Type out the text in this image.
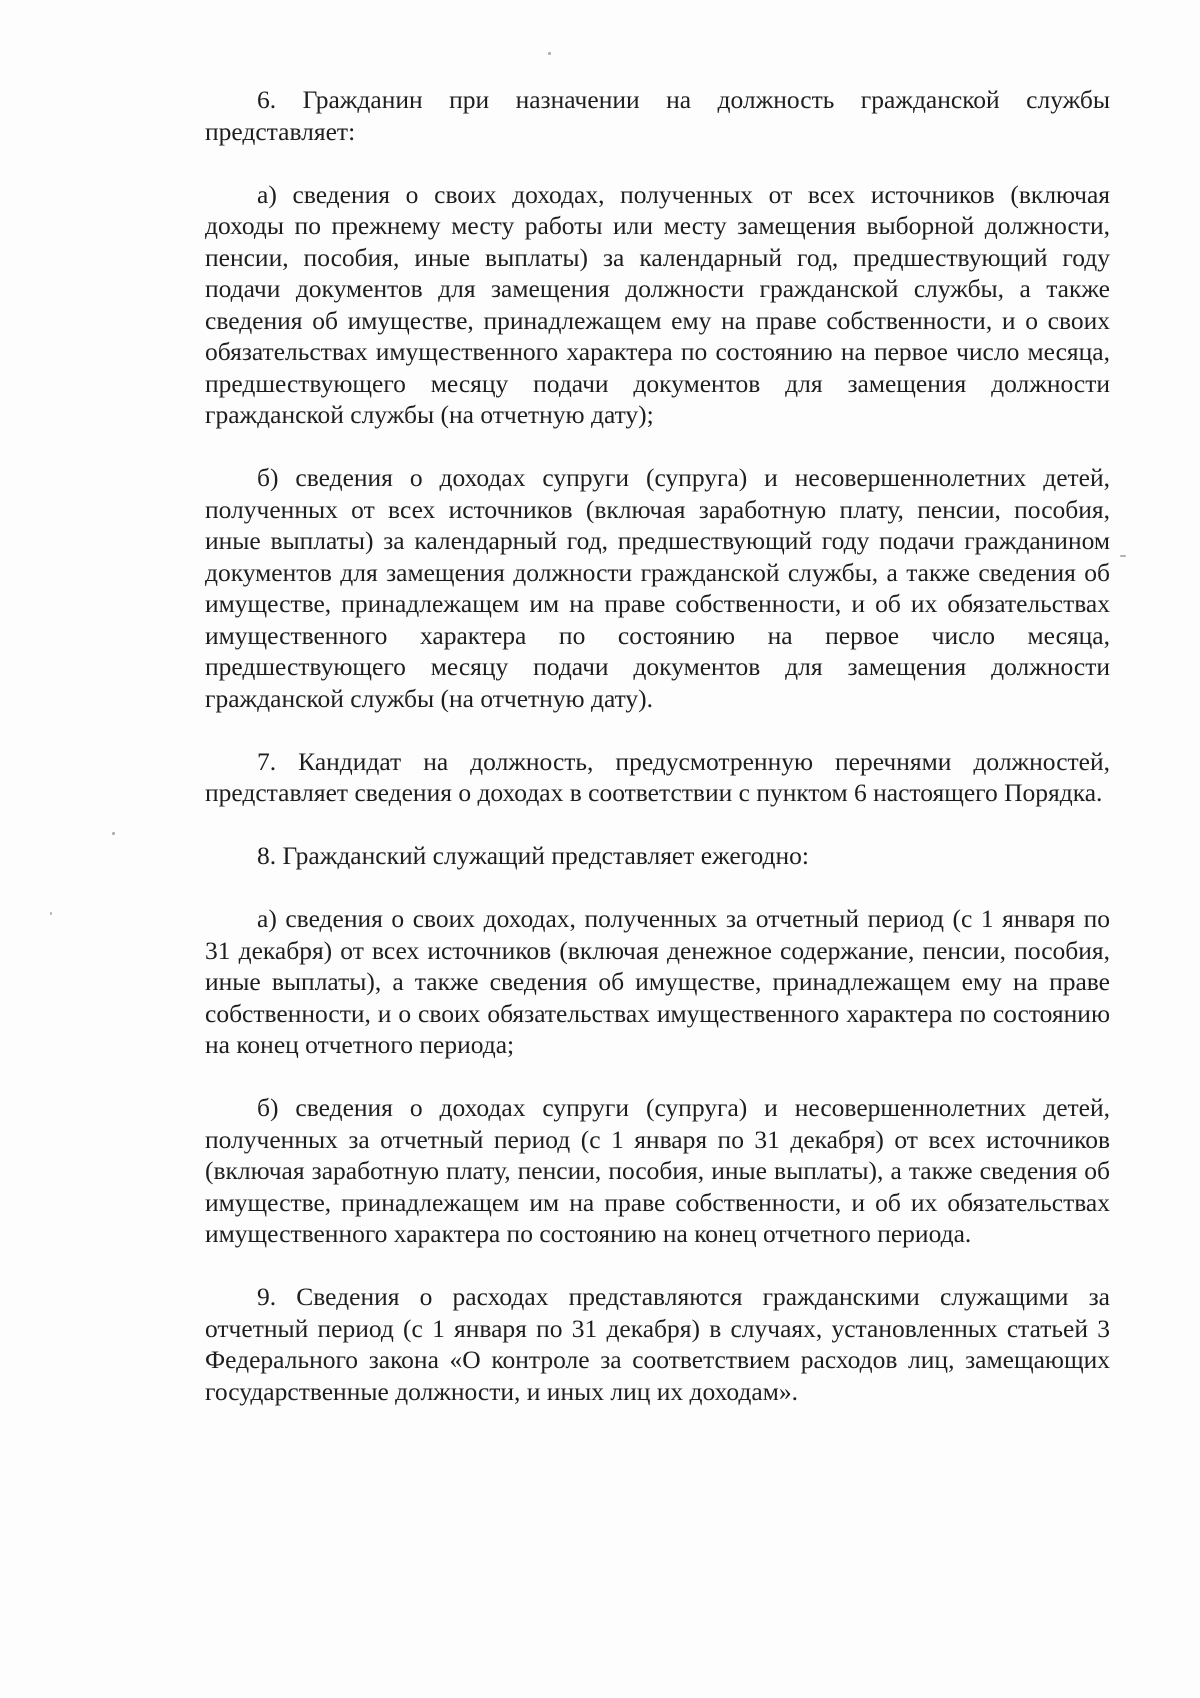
6. Гражданин при назначении на должность гражданской службы представляет:

а) сведения о своих доходах, полученных от всех источников (включая доходы по прежнему месту работы или месту замещения выборной должности, пенсии, пособия, иные выплаты) за календарный год, предшествующий году подачи документов для замещения должности гражданской службы, а также сведения об имуществе, принадлежащем ему на праве собственности, и о своих обязательствах имущественного характера по состоянию на первое число месяца, предшествующего месяцу подачи документов для замещения должности гражданской службы (на отчетную дату);

б) сведения о доходах супруги (супруга) и несовершеннолетних детей, полученных от всех источников (включая заработную плату, пенсии, пособия, иные выплаты) за календарный год, предшествующий году подачи гражданином документов для замещения должности гражданской службы, а также сведения об имуществе, принадлежащем им на праве собственности, и об их обязательствах имущественного характера по состоянию на первое число месяца, предшествующего месяцу подачи документов для замещения должности гражданской службы (на отчетную дату).

7. Кандидат на должность, предусмотренную перечнями должностей, представляет сведения о доходах в соответствии с пунктом 6 настоящего Порядка.

8. Гражданский служащий представляет ежегодно:

а) сведения о своих доходах, полученных за отчетный период (с 1 января по 31 декабря) от всех источников (включая денежное содержание, пенсии, пособия, иные выплаты), а также сведения об имуществе, принадлежащем ему на праве собственности, и о своих обязательствах имущественного характера по состоянию на конец отчетного периода;

б) сведения о доходах супруги (супруга) и несовершеннолетних детей, полученных за отчетный период (с 1 января по 31 декабря) от всех источников (включая заработную плату, пенсии, пособия, иные выплаты), а также сведения об имуществе, принадлежащем им на праве собственности, и об их обязательствах имущественного характера по состоянию на конец отчетного периода.

9. Сведения о расходах представляются гражданскими служащими за отчетный период (с 1 января по 31 декабря) в случаях, установленных статьей 3 Федерального закона «О контроле за соответствием расходов лиц, замещающих государственные должности, и иных лиц их доходам».
